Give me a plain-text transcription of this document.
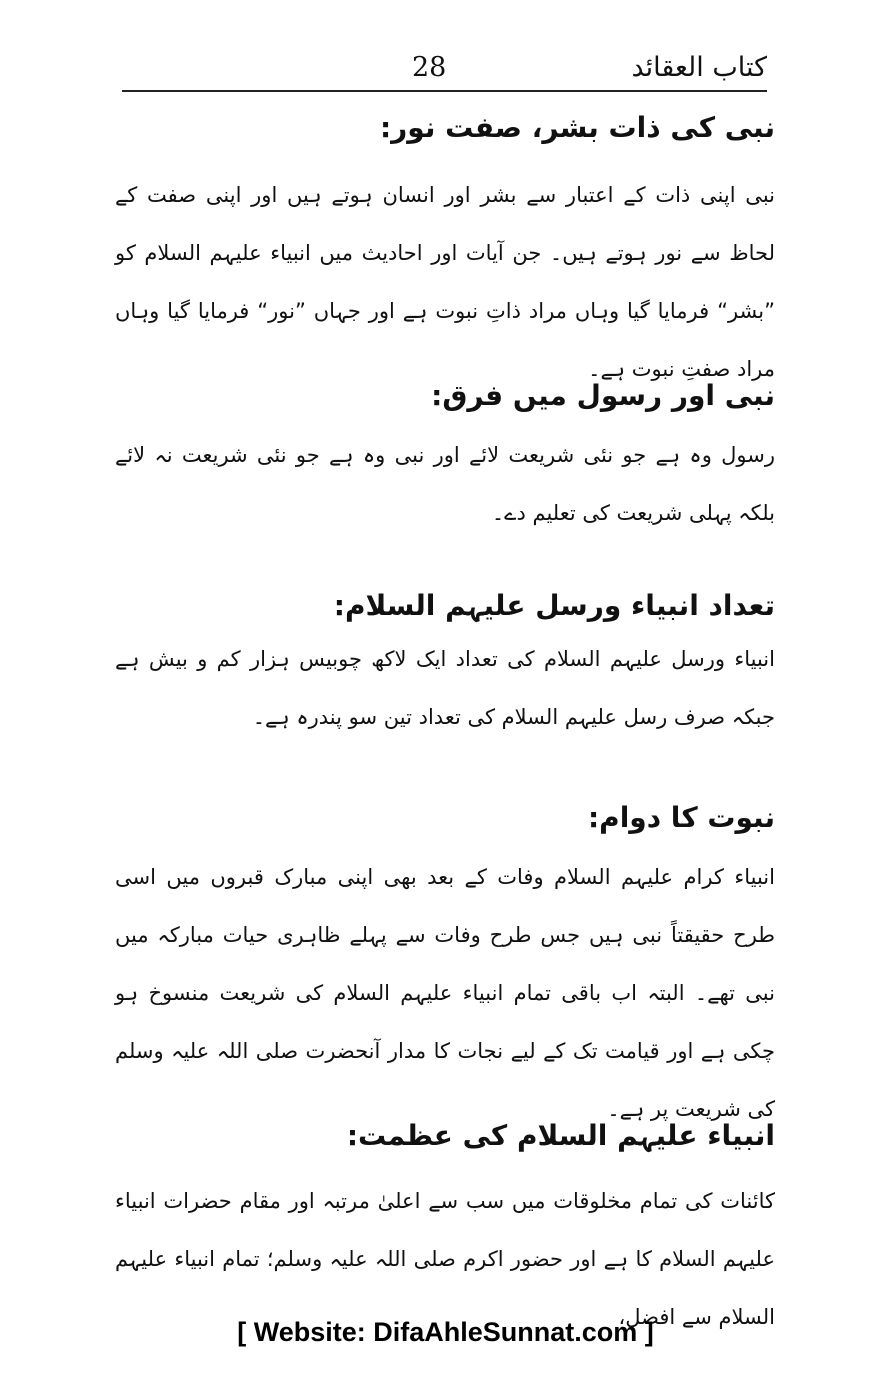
کتاب العقائد
28
نبی کی ذات بشر، صفت نور:
نبی اپنی ذات کے اعتبار سے بشر اور انسان ہوتے ہیں اور اپنی صفت کے لحاظ سے نور ہوتے ہیں۔ جن آیات اور احادیث میں انبیاء علیہم السلام کو ”بشر“ فرمایا گیا وہاں مراد ذاتِ نبوت ہے اور جہاں ”نور“ فرمایا گیا وہاں مراد صفتِ نبوت ہے۔
نبی اور رسول میں فرق:
رسول وہ ہے جو نئی شریعت لائے اور نبی وہ ہے جو نئی شریعت نہ لائے بلکہ پہلی شریعت کی تعلیم دے۔
تعداد انبیاء ورسل علیہم السلام:
انبیاء ورسل علیہم السلام کی تعداد ایک لاکھ چوبیس ہزار کم و بیش ہے جبکہ صرف رسل علیہم السلام کی تعداد تین سو پندرہ ہے۔
نبوت کا دوام:
انبیاء کرام علیہم السلام وفات کے بعد بھی اپنی مبارک قبروں میں اسی طرح حقیقتاً نبی ہیں جس طرح وفات سے پہلے ظاہری حیات مبارکہ میں نبی تھے۔ البتہ اب باقی تمام انبیاء علیہم السلام کی شریعت منسوخ ہو چکی ہے اور قیامت تک کے لیے نجات کا مدار آنحضرت صلی اللہ علیہ وسلم کی شریعت پر ہے۔
انبیاء علیہم السلام کی عظمت:
کائنات کی تمام مخلوقات میں سب سے اعلیٰ مرتبہ اور مقام حضرات انبیاء علیہم السلام کا ہے اور حضور اکرم صلی اللہ علیہ وسلم؛ تمام انبیاء علیہم السلام سے افضل،
[ Website: DifaAhleSunnat.com ]
